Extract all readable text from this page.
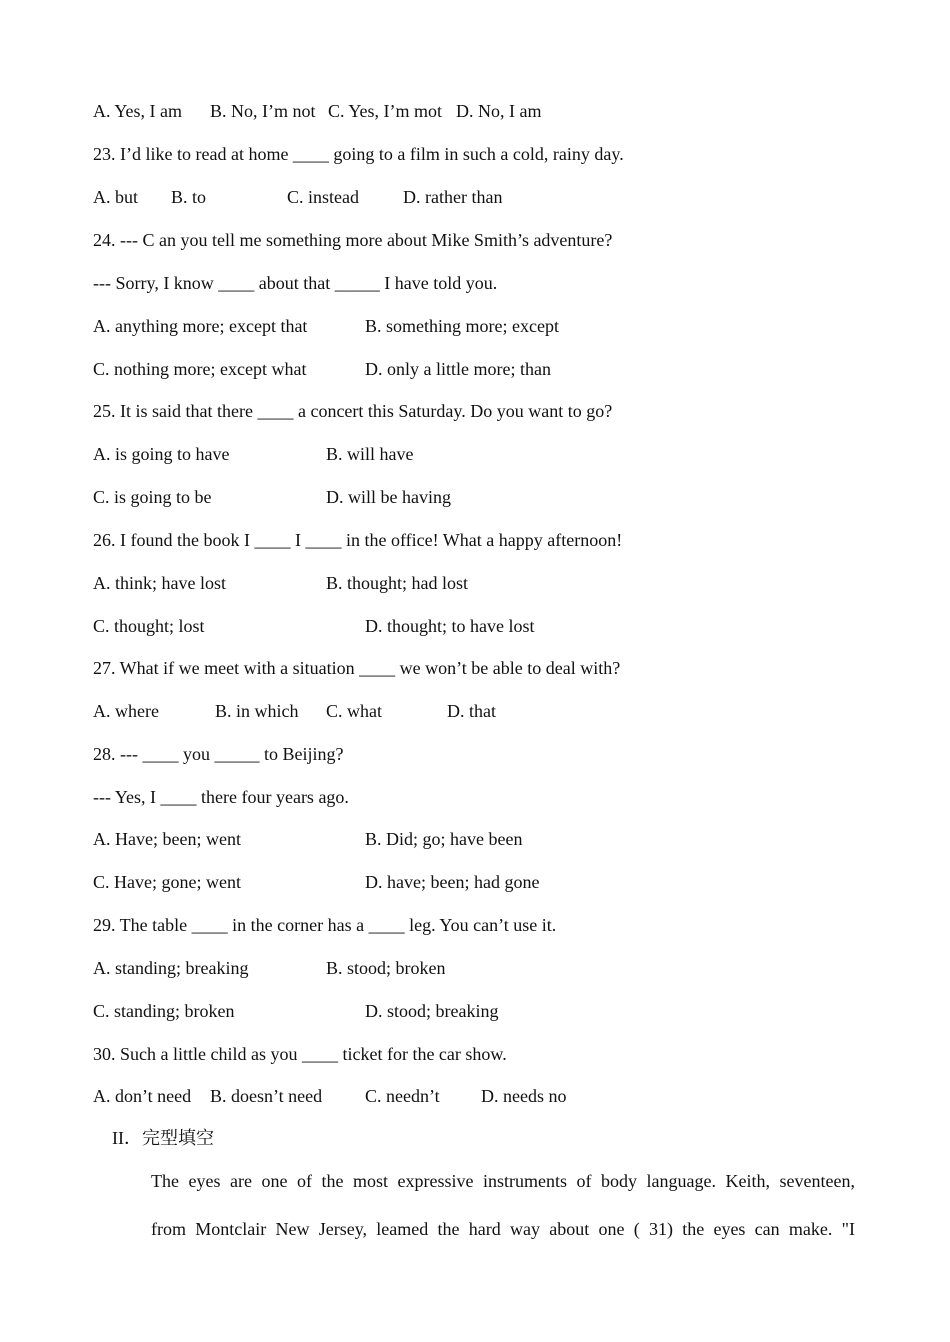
A. Yes, I am B. No, I’m not C. Yes, I’m mot D. No, I am
23. I’d like to read at home ____ going to a film in such a cold, rainy day.
A. but B. to	C. instead D. rather than
24. --- C an you tell me something more about Mike Smith’s adventure?
--- Sorry, I know ____ about that _____ I have told you.
A. anything more; except that	B. something more; except
C. nothing more; except what	D. only a little more; than
25. It is said that there ____ a concert this Saturday. Do you want to go?
A. is going to have	B. will have
C. is going to be	D. will be having
26. I found the book I ____ I ____ in the office! What a happy afternoon!
A. think; have lost	B. thought; had lost
C. thought; lost	D. thought; to have lost
27. What if we meet with a situation ____ we won’t be able to deal with?
A. where	B. in which C. what	D. that
28. --- ____ you _____ to Beijing?
--- Yes, I ____ there four years ago.
A. Have; been; went	B. Did; go; have been
C. Have; gone; went	D. have; been; had gone
29. The table ____ in the corner has a ____ leg. You can’t use it.
A. standing; breaking	B. stood; broken
C. standing; broken	D. stood; breaking
30. Such a little child as you ____ ticket for the car show.
A. don’t need B. doesn’t need C. needn’t D. needs no
II．完型填空
The eyes are one of the most expressive instruments of body language. Keith, seventeen,
from Montclair New Jersey, leamed the hard way about one ( 31) the eyes can make. "I
